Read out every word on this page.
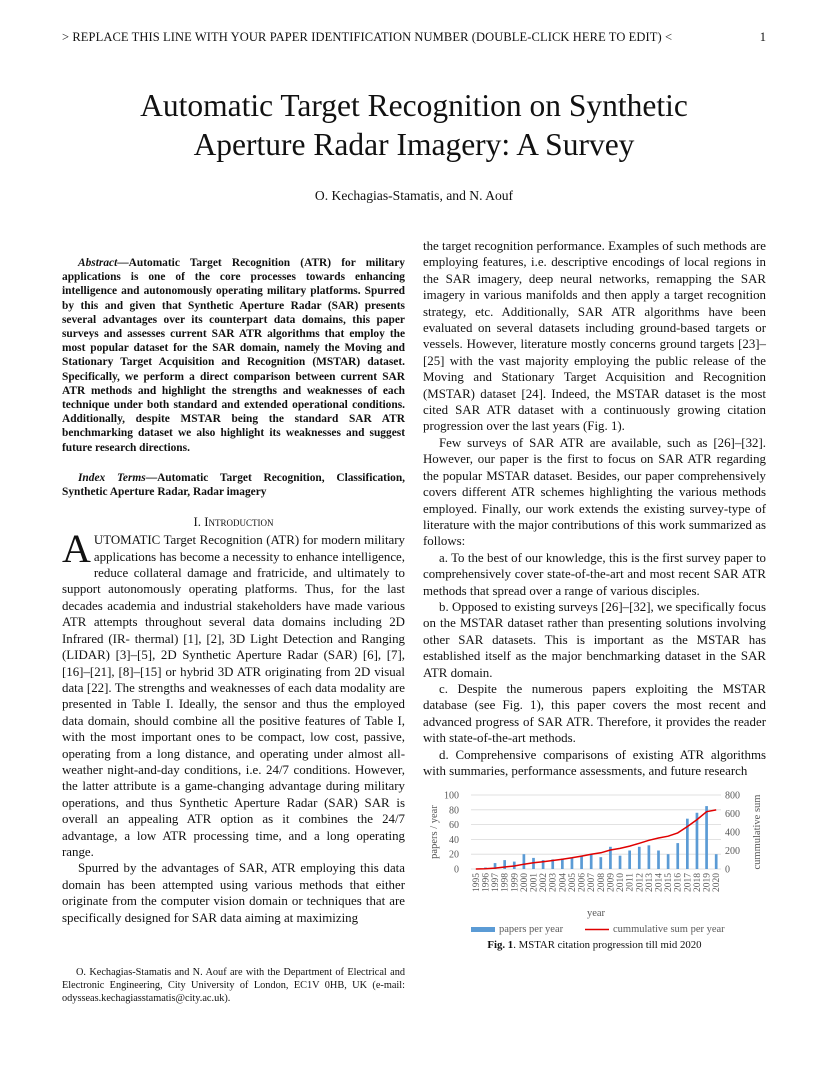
> REPLACE THIS LINE WITH YOUR PAPER IDENTIFICATION NUMBER (DOUBLE-CLICK HERE TO EDIT) <	1
Automatic Target Recognition on Synthetic
Aperture Radar Imagery: A Survey
O. Kechagias-Stamatis, and N. Aouf

Abstract—Automatic Target Recognition (ATR) for military applications is one of the core processes towards enhancing intelligence and autonomously operating military platforms. Spurred by this and given that Synthetic Aperture Radar (SAR) presents several advantages over its counterpart data domains, this paper surveys and assesses current SAR ATR algorithms that employ the most popular dataset for the SAR domain, namely the Moving and Stationary Target Acquisition and Recognition (MSTAR) dataset. Specifically, we perform a direct comparison between current SAR ATR methods and highlight the strengths and weaknesses of each technique under both standard and extended operational conditions. Additionally, despite MSTAR being the standard SAR ATR benchmarking dataset we also highlight its weaknesses and suggest future research directions.

Index Terms—Automatic Target Recognition, Classification, Synthetic Aperture Radar, Radar imagery

I. Introduction

AUTOMATIC Target Recognition (ATR) for modern military applications has become a necessity to enhance intelligence, reduce collateral damage and fratricide, and ultimately to support autonomously operating platforms. Thus, for the last decades academia and industrial stakeholders have made various ATR attempts throughout several data domains including 2D Infrared (IR- thermal) [1], [2], 3D Light Detection and Ranging (LIDAR) [3]–[5], 2D Synthetic Aperture Radar (SAR) [6], [7], [16]–[21], [8]–[15] or hybrid 3D ATR originating from 2D visual data [22]. The strengths and weaknesses of each data modality are presented in Table I. Ideally, the sensor and thus the employed data domain, should combine all the positive features of Table I, with the most important ones to be compact, low cost, passive, operating from a long distance, and operating under almost all-weather night-and-day conditions, i.e. 24/7 conditions. However, the latter attribute is a game-changing advantage during military operations, and thus Synthetic Aperture Radar (SAR) SAR is overall an appealing ATR option as it combines the 24/7 advantage, a low ATR processing time, and a long operating range.

Spurred by the advantages of SAR, ATR employing this data domain has been attempted using various methods that either originate from the computer vision domain or techniques that are specifically designed for SAR data aiming at maximizing

the target recognition performance. Examples of such methods are employing features, i.e. descriptive encodings of local regions in the SAR imagery, deep neural networks, remapping the SAR imagery in various manifolds and then apply a target recognition strategy, etc. Additionally, SAR ATR algorithms have been evaluated on several datasets including ground-based targets or vessels. However, literature mostly concerns ground targets [23]–[25] with the vast majority employing the public release of the Moving and Stationary Target Acquisition and Recognition (MSTAR) dataset [24]. Indeed, the MSTAR dataset is the most cited SAR ATR dataset with a continuously growing citation progression over the last years (Fig. 1).

Few surveys of SAR ATR are available, such as [26]–[32]. However, our paper is the first to focus on SAR ATR regarding the popular MSTAR dataset. Besides, our paper comprehensively covers different ATR schemes highlighting the various methods employed. Finally, our work extends the existing survey-type of literature with the major contributions of this work summarized as follows:

a. To the best of our knowledge, this is the first survey paper to comprehensively cover state-of-the-art and most recent SAR ATR methods that spread over a range of various disciples.

b. Opposed to existing surveys [26]–[32], we specifically focus on the MSTAR dataset rather than presenting solutions involving other SAR datasets. This is important as the MSTAR has established itself as the major benchmarking dataset in the SAR ATR domain.

c. Despite the numerous papers exploiting the MSTAR database (see Fig. 1), this paper covers the most recent and advanced progress of SAR ATR. Therefore, it provides the reader with state-of-the-art methods.

d. Comprehensive comparisons of existing ATR algorithms with summaries, performance assessments, and future research

0
20
40
60
80
100
0
200
400
600
800
1995 1996 1997 1998 1999 2000 2001 2002 2003 2004 2005 2006 2007 2008 2009 2010 2011 2012 2013 2014 2015 2016 2017 2018 2019 2020
papers / year	cummulative sum
year
papers per year	cummulative sum per year
Fig. 1. MSTAR citation progression till mid 2020
O. Kechagias-Stamatis and N. Aouf are with the Department of Electrical and Electronic Engineering, City University of London, EC1V 0HB, UK (e-mail: odysseas.kechagiasstamatis@city.ac.uk).
